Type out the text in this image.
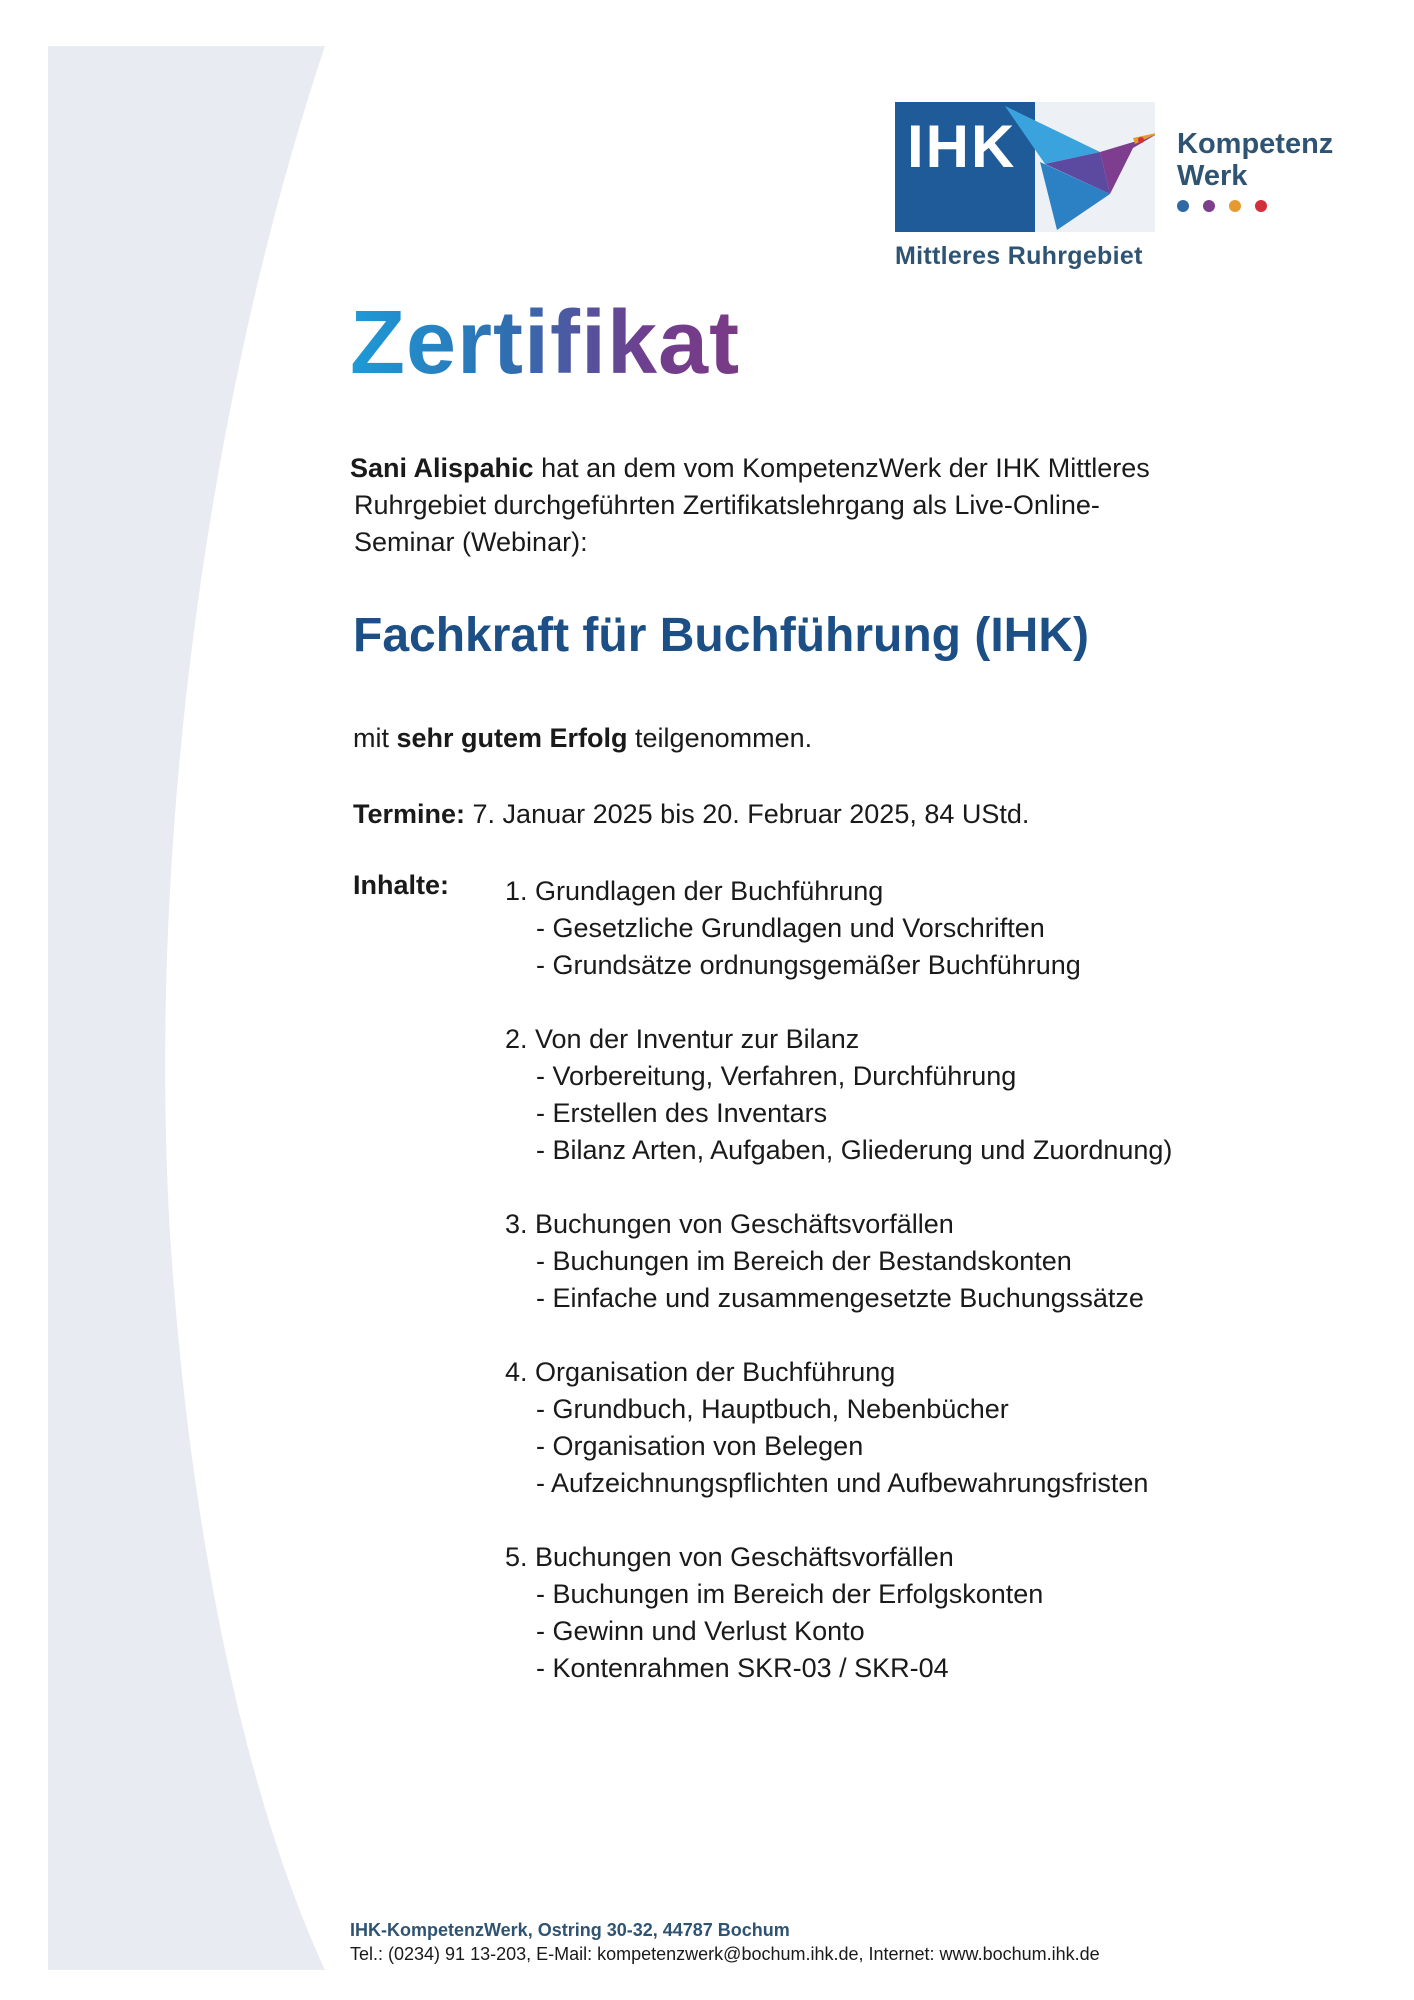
IHK	Kompetenz
Werk
Mittleres Ruhrgebiet
Zertifikat
Sani Alispahic hat an dem vom KompetenzWerk der IHK Mittleres
Ruhrgebiet durchgeführten Zertifikatslehrgang als Live-Online-
Seminar (Webinar):
Fachkraft für Buchführung (IHK)
mit sehr gutem Erfolg teilgenommen.
Termine: 7. Januar 2025 bis 20. Februar 2025, 84 UStd.
Inhalte: 1. Grundlagen der Buchführung
- Gesetzliche Grundlagen und Vorschriften
- Grundsätze ordnungsgemäßer Buchführung
2. Von der Inventur zur Bilanz
- Vorbereitung, Verfahren, Durchführung
- Erstellen des Inventars
- Bilanz Arten, Aufgaben, Gliederung und Zuordnung)
3. Buchungen von Geschäftsvorfällen
- Buchungen im Bereich der Bestandskonten
- Einfache und zusammengesetzte Buchungssätze
4. Organisation der Buchführung
- Grundbuch, Hauptbuch, Nebenbücher
- Organisation von Belegen
- Aufzeichnungspflichten und Aufbewahrungsfristen
5. Buchungen von Geschäftsvorfällen
- Buchungen im Bereich der Erfolgskonten
- Gewinn und Verlust Konto
- Kontenrahmen SKR-03 / SKR-04
IHK-KompetenzWerk, Ostring 30-32, 44787 Bochum
Tel.: (0234) 91 13-203, E-Mail: kompetenzwerk@bochum.ihk.de, Internet: www.bochum.ihk.de
